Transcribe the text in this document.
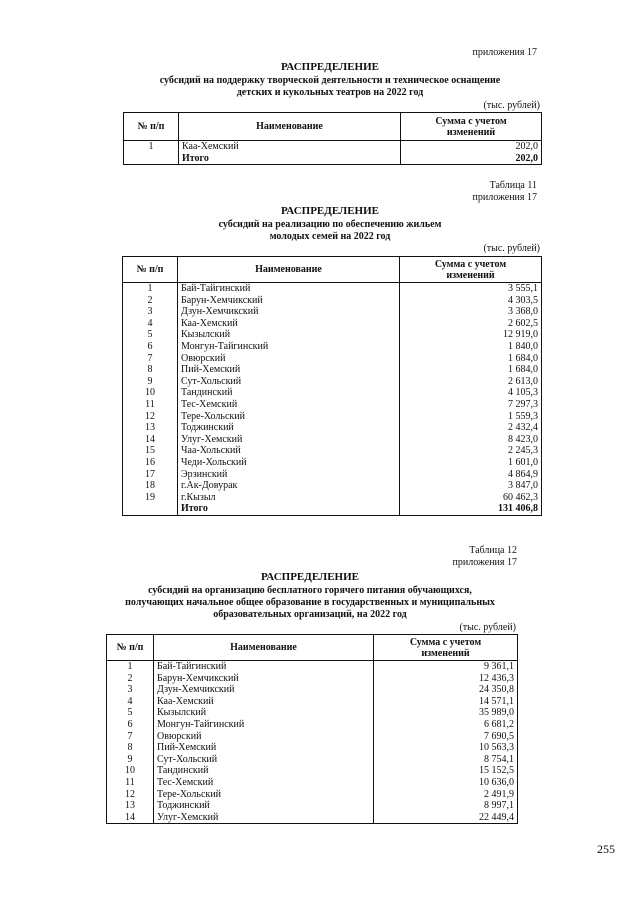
приложения 17
РАСПРЕДЕЛЕНИЕ
субсидий на поддержку творческой деятельности и техническое оснащение
детских и кукольных театров на 2022 год
(тыс. рублей)
№ п/п	Наименование	Сумма с учетом
изменений
1	Каа-Хемский	202,0
	Итого	202,0
Таблица 11
приложения 17
РАСПРЕДЕЛЕНИЕ
субсидий на реализацию по обеспечению жильем
молодых семей на 2022 год
(тыс. рублей)
№ п/п	Наименование	Сумма с учетом
изменений
1	Бай-Тайгинский	3 555,1
2	Барун-Хемчикский	4 303,5
3	Дзун-Хемчикский	3 368,0
4	Каа-Хемский	2 602,5
5	Кызылский	12 919,0
6	Монгун-Тайгинский	1 840,0
7	Овюрский	1 684,0
8	Пий-Хемский	1 684,0
9	Сут-Хольский	2 613,0
10	Тандинский	4 105,3
11	Тес-Хемский	7 297,3
12	Тере-Хольский	1 559,3
13	Тоджинский	2 432,4
14	Улуг-Хемский	8 423,0
15	Чаа-Хольский	2 245,3
16	Чеди-Хольский	1 601,0
17	Эрзинский	4 864,9
18	г.Ак-Довурак	3 847,0
19	г.Кызыл	60 462,3
	Итого	131 406,8
Таблица 12
приложения 17
РАСПРЕДЕЛЕНИЕ
субсидий на организацию бесплатного горячего питания обучающихся,
получающих начальное общее образование в государственных и муниципальных
образовательных организаций, на 2022 год
(тыс. рублей)
№ п/п	Наименование	Сумма с учетом
изменений
1	Бай-Тайгинский	9 361,1
2	Барун-Хемчикский	12 436,3
3	Дзун-Хемчикский	24 350,8
4	Каа-Хемский	14 571,1
5	Кызылский	35 989,0
6	Монгун-Тайгинский	6 681,2
7	Овюрский	7 690,5
8	Пий-Хемский	10 563,3
9	Сут-Хольский	8 754,1
10	Тандинский	15 152,5
11	Тес-Хемский	10 636,0
12	Тере-Хольский	2 491,9
13	Тоджинский	8 997,1
14	Улуг-Хемский	22 449,4
255
